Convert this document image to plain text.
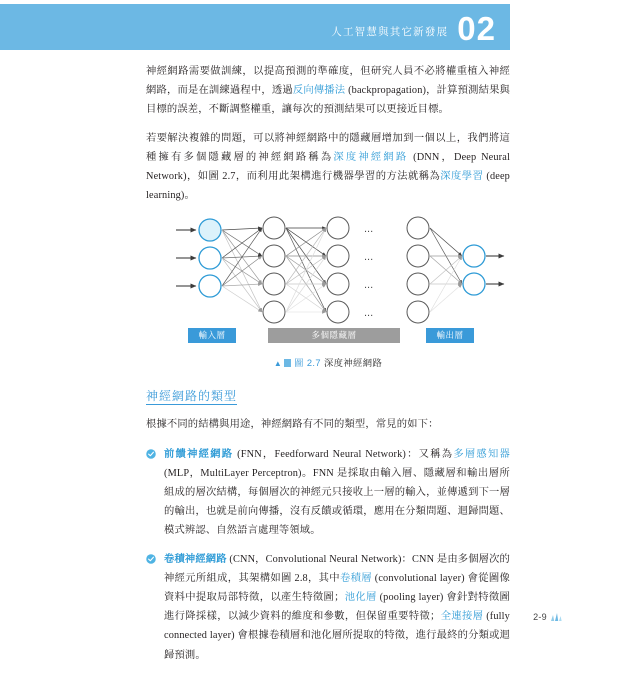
人工智慧與其它新發展 02

神經網路需要做訓練，以提高預測的準確度，但研究人員不必將權重植入神經網路，而是在訓練過程中，透過反向傳播法 (backpropagation)，計算預測結果與目標的誤差，不斷調整權重，讓每次的預測結果可以更接近目標。

若要解決複雜的問題，可以將神經網路中的隱藏層增加到一個以上，我們將這種擁有多個隱藏層的神經網路稱為深度神經網路 (DNN，Deep Neural Network)，如圖 2.7，而利用此架構進行機器學習的方法就稱為深度學習 (deep learning)。

...
...
...
...
輸入層	多個隱藏層	輸出層
▲ 圖 2.7 深度神經網路
神經網路的類型

根據不同的結構與用途，神經網路有不同的類型，常見的如下：

前饋神經網路 (FNN，Feedforward Neural Network)：又稱為多層感知器 (MLP，MultiLayer Perceptron)。FNN 是採取由輸入層、隱藏層和輸出層所組成的層次結構，每個層次的神經元只接收上一層的輸入，並傳遞到下一層的輸出，也就是前向傳播，沒有反饋或循環，應用在分類問題、迴歸問題、模式辨認、自然語言處理等領域。
卷積神經網路 (CNN，Convolutional Neural Network)：CNN 是由多個層次的神經元所組成，其架構如圖 2.8，其中卷積層 (convolutional layer) 會從圖像資料中提取局部特徵，以產生特徵圖；池化層 (pooling layer) 會針對特徵圖進行降採樣，以減少資料的維度和參數，但保留重要特徵；全連接層 (fully connected layer) 會根據卷積層和池化層所提取的特徵，進行最終的分類或迴歸預測。
2-9
